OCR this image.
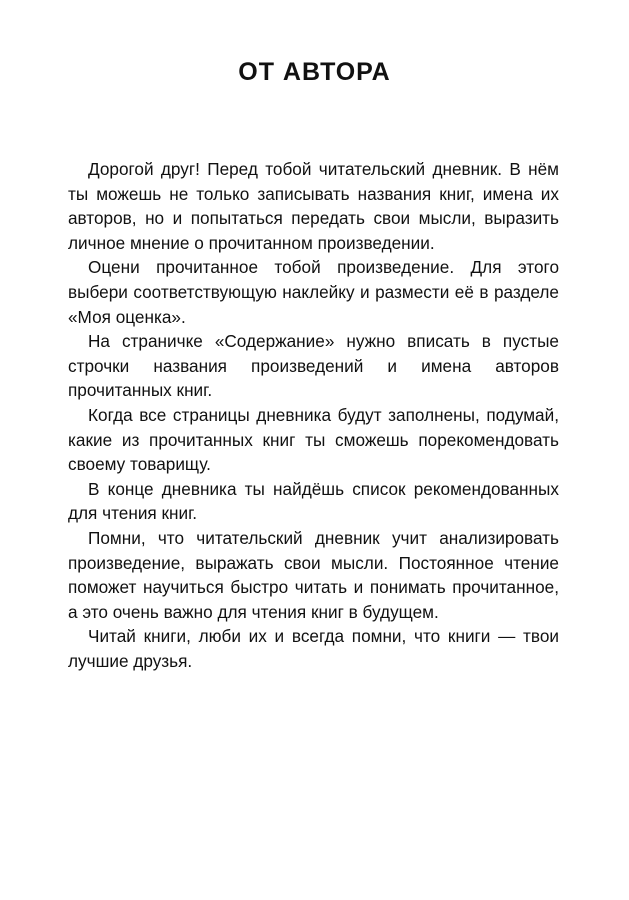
ОТ АВТОРА

Дорогой друг! Перед тобой читательский дневник. В нём ты можешь не только записывать названия книг, имена их авторов, но и попытаться передать свои мысли, выразить личное мнение о прочитанном произведении.

Оцени прочитанное тобой произведение. Для этого выбери соответствующую наклейку и размести её в разделе «Моя оценка».

На страничке «Содержание» нужно вписать в пустые строчки названия произведений и имена авторов прочитанных книг.

Когда все страницы дневника будут заполнены, подумай, какие из прочитанных книг ты сможешь порекомендовать своему товарищу.

В конце дневника ты найдёшь список рекомендованных для чтения книг.

Помни, что читательский дневник учит анализировать произведение, выражать свои мысли. Постоянное чтение поможет научиться быстро читать и понимать прочитанное, а это очень важно для чтения книг в будущем.

Читай книги, люби их и всегда помни, что книги — твои лучшие друзья.
